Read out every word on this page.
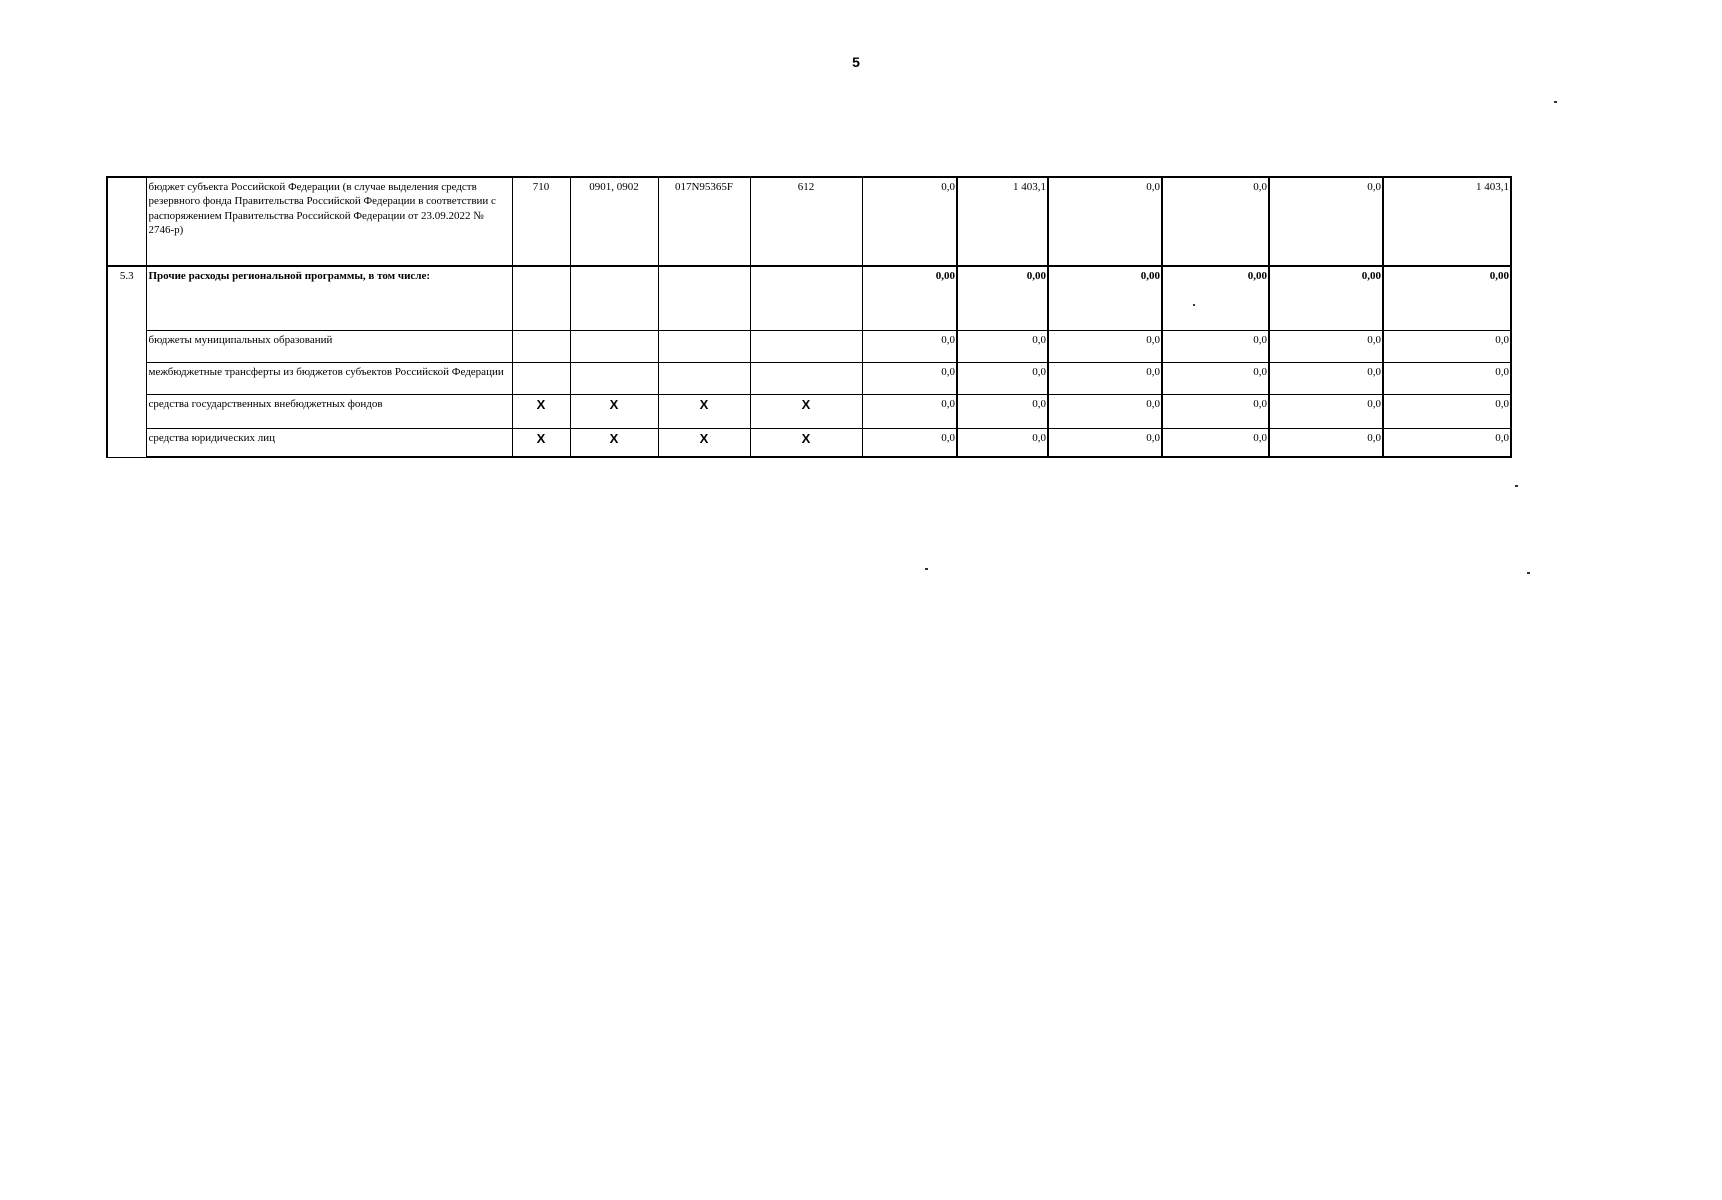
5
	бюджет субъекта Российской Федерации (в случае выделения средств резервного фонда Правительства Российской Федерации в соответствии с распоряжением Правительства Российской Федерации от 23.09.2022 № 2746-р)	710	0901, 0902	017N95365F	612	0,0	1 403,1	0,0	0,0	0,0	1 403,1
5.3	Прочие расходы региональной программы, в том числе:					0,00	0,00	0,00	0,00	0,00	0,00
	бюджеты муниципальных образований					0,0	0,0	0,0	0,0	0,0	0,0
	межбюджетные трансферты из бюджетов субъектов Российской Федерации					0,0	0,0	0,0	0,0	0,0	0,0
	средства государственных внебюджетных фондов	X	X	X	X	0,0	0,0	0,0	0,0	0,0	0,0
	средства юридических лиц	X	X	X	X	0,0	0,0	0,0	0,0	0,0	0,0
